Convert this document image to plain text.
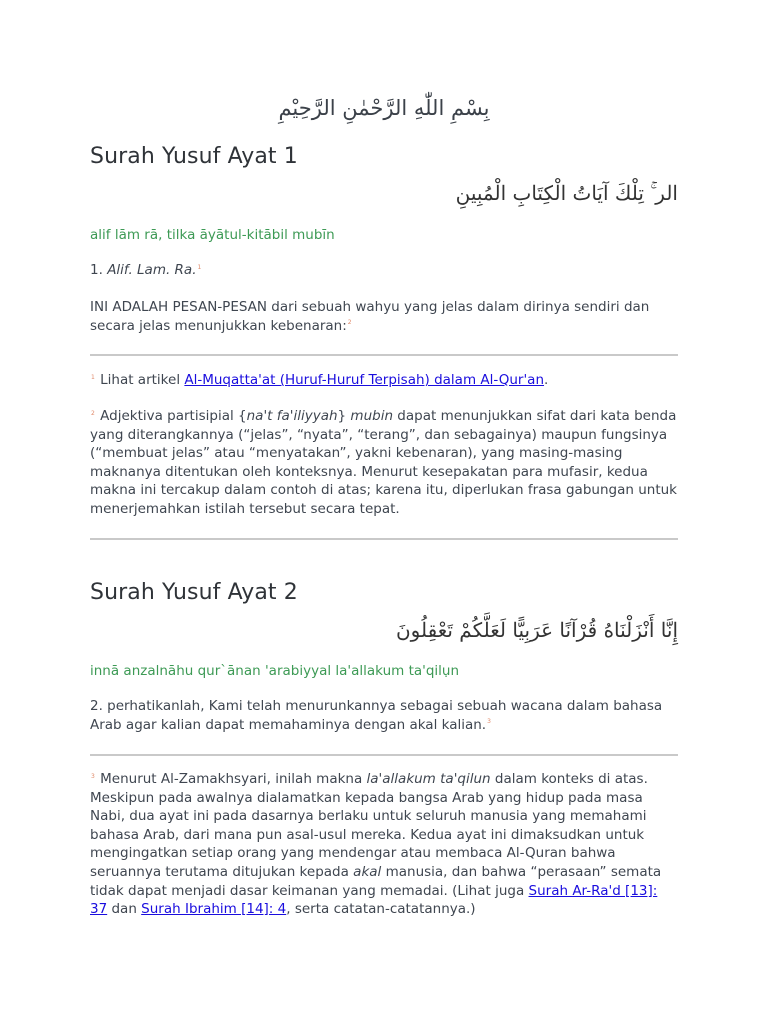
بِسْمِ اللّٰهِ الرَّحْمٰنِ الرَّحِيْمِ
Surah Yusuf Ayat 1
الر ۚ تِلْكَ آيَاتُ الْكِتَابِ الْمُبِينِ
alif lām rā, tilka āyātul-kitābil mubīn
1. Alif. Lam. Ra.$^1$
INI ADALAH PESAN-PESAN dari sebuah wahyu yang jelas dalam dirinya sendiri dan secara jelas menunjukkan kebenaran:$^2$
$^1$ Lihat artikel Al-Muqatta'at (Huruf-Huruf Terpisah) dalam Al-Qur'an.
$^2$ Adjektiva partisipial {na't fa'iliyyah} mubin dapat menunjukkan sifat dari kata benda yang diterangkannya (“jelas”, “nyata”, “terang”, dan sebagainya) maupun fungsinya (“membuat jelas” atau “menyatakan”, yakni kebenaran), yang masing-masing maknanya ditentukan oleh konteksnya. Menurut kesepakatan para mufasir, kedua makna ini tercakup dalam contoh di atas; karena itu, diperlukan frasa gabungan untuk menerjemahkan istilah tersebut secara tepat.
Surah Yusuf Ayat 2
إِنَّا أَنْزَلْنَاهُ قُرْآنًا عَرَبِيًّا لَعَلَّكُمْ تَعْقِلُونَ
innā anzalnāhu qur`ānan 'arabiyyal la'allakum ta'qilụn
2. perhatikanlah, Kami telah menurunkannya sebagai sebuah wacana dalam bahasa Arab agar kalian dapat memahaminya dengan akal kalian.$^3$
$^3$ Menurut Al-Zamakhsyari, inilah makna la'allakum ta'qilun dalam konteks di atas. Meskipun pada awalnya dialamatkan kepada bangsa Arab yang hidup pada masa Nabi, dua ayat ini pada dasarnya berlaku untuk seluruh manusia yang memahami bahasa Arab, dari mana pun asal-usul mereka. Kedua ayat ini dimaksudkan untuk mengingatkan setiap orang yang mendengar atau membaca Al-Quran bahwa seruannya terutama ditujukan kepada akal manusia, dan bahwa “perasaan” semata tidak dapat menjadi dasar keimanan yang memadai. (Lihat juga Surah Ar-Ra'd [13]: 37 dan Surah Ibrahim [14]: 4, serta catatan-catatannya.)
